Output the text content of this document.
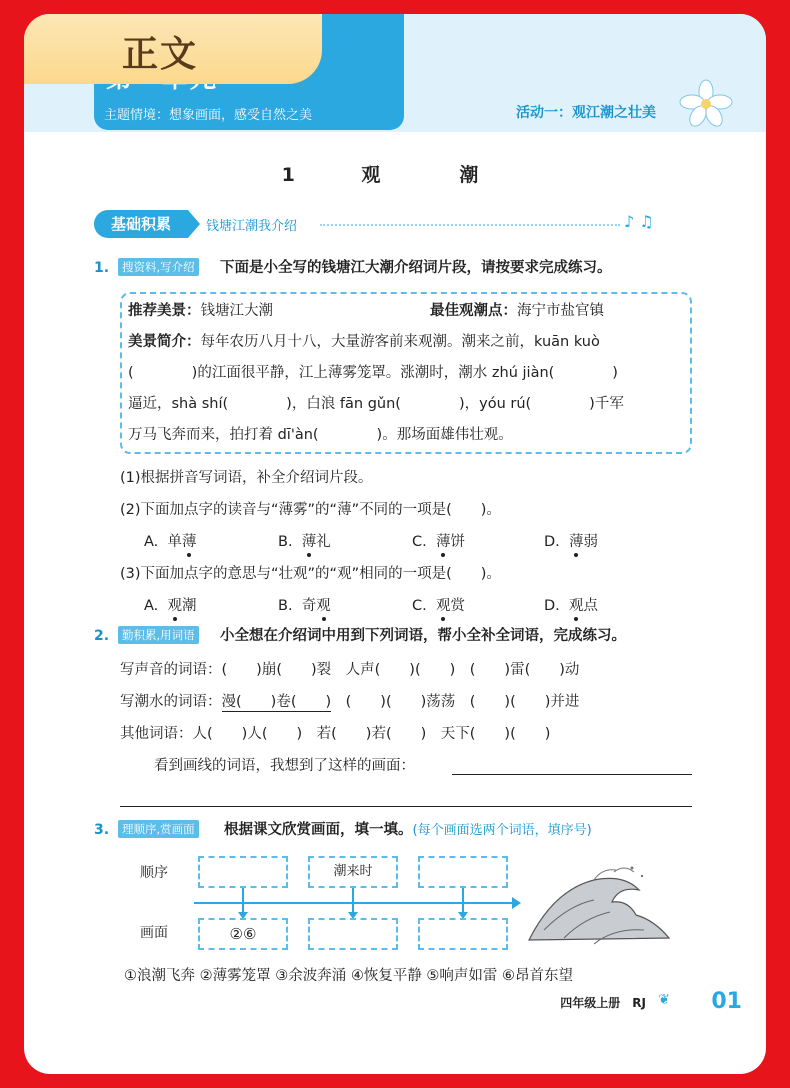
主题情境：想象画面，感受自然之美	活动一：观江潮之壮美
正文
1 观　潮
基础积累	钱塘江潮我介绍	♪ ♫
1.	搜资料,写介绍 下面是小全写的钱塘江大潮介绍词片段，请按要求完成练习。
推荐美景：钱塘江大潮	最佳观潮点：海宁市盐官镇
美景简介：每年农历八月十八，大量游客前来观潮。潮来之前，kuān kuò
(　　　　)的江面很平静，江上薄雾笼罩。涨潮时，潮水 zhú jiàn(　　　　)
逼近，shà shí(　　　　)，白浪 fān gǔn(　　　　)，yóu rú(　　　　)千军
万马飞奔而来，拍打着 dī'àn(　　　　)。那场面雄伟壮观。
(1)根据拼音写词语，补全介绍词片段。
(2)下面加点字的读音与“薄雾”的“薄”不同的一项是(　　)。
A. 单薄	B. 薄礼	C. 薄饼	D. 薄弱
(3)下面加点字的意思与“壮观”的“观”相同的一项是(　　)。
A. 观潮	B. 奇观	C. 观赏	D. 观点
2.	勤积累,用词语 小全想在介绍词中用到下列词语，帮小全补全词语，完成练习。
写声音的词语：(　　)崩(　　)裂　人声(　　)(　　)　(　　)雷(　　)动
写潮水的词语：漫(　　)卷(　　)　(　　)(　　)荡荡　(　　)(　　)并进
其他词语：人(　　)人(　　)　若(　　)若(　　)　天下(　　)(　　)
看到画线的词语，我想到了这样的画面：
3.	理顺序,赏画面 根据课文欣赏画面，填一填。(每个画面选两个词语，填序号)
顺序
画面
潮来时
②⑥
①浪潮飞奔 ②薄雾笼罩 ③余波奔涌 ④恢复平静 ⑤响声如雷 ⑥昂首东望
四年级上册　RJ ❦ 01
